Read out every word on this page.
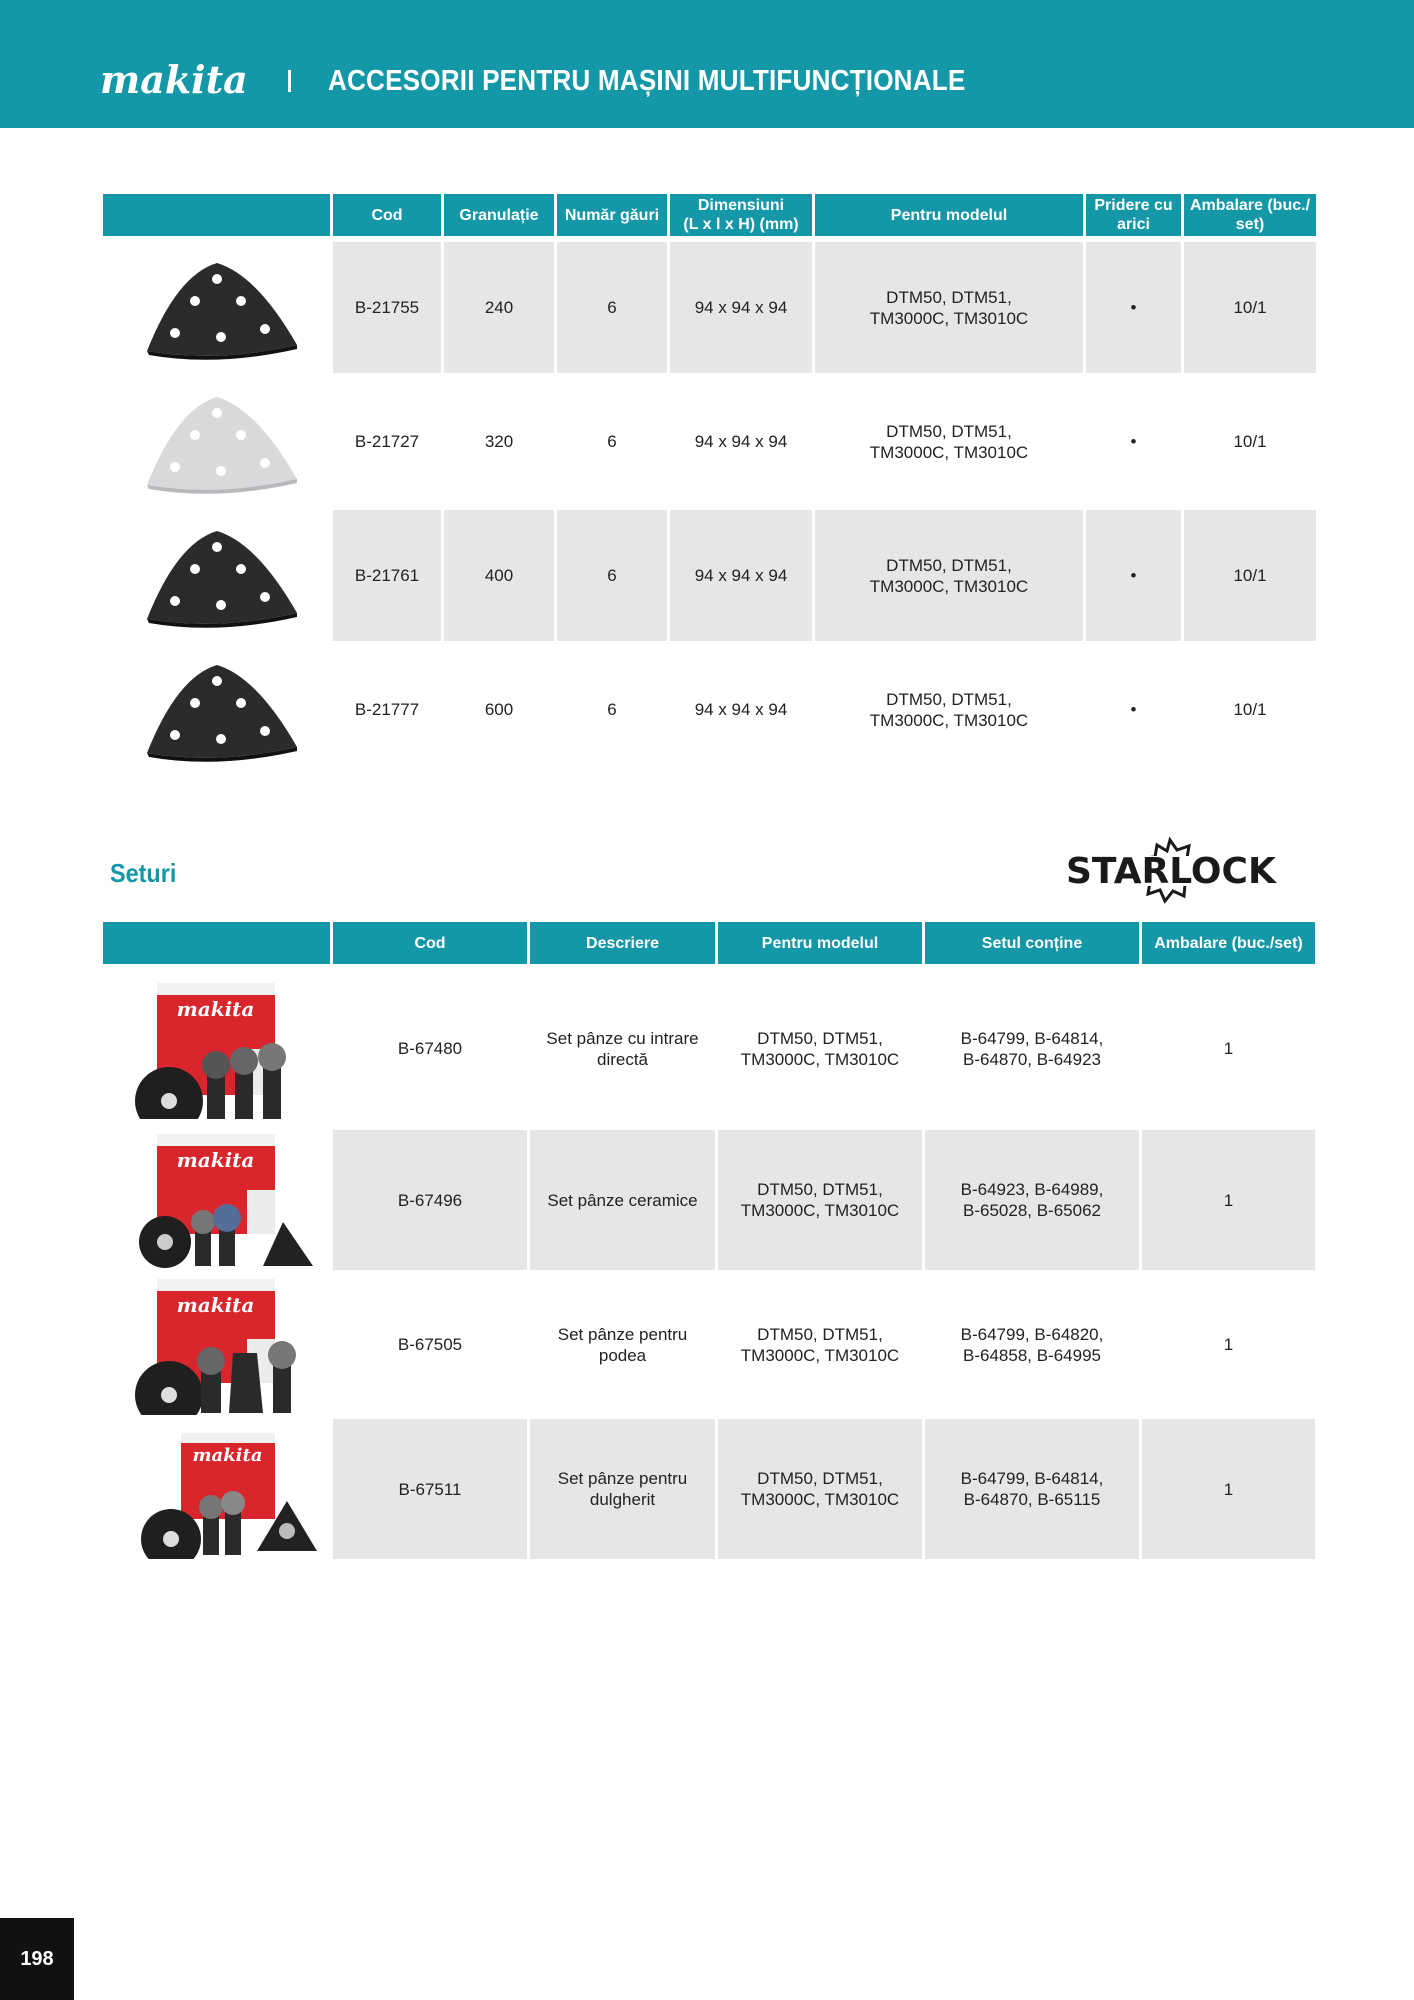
makita	ACCESORII PENTRU MAȘINI MULTIFUNCȚIONALE
	Cod	Granulație	Număr găuri	Dimensiuni
(L x l x H) (mm)	Pentru modelul	Pridere cu
arici	Ambalare (buc./
set)
	B-21755	240	6	94 x 94 x 94	DTM50, DTM51,
TM3000C, TM3010C	•	10/1
	B-21727	320	6	94 x 94 x 94	DTM50, DTM51,
TM3000C, TM3010C	•	10/1
	B-21761	400	6	94 x 94 x 94	DTM50, DTM51,
TM3000C, TM3010C	•	10/1
	B-21777	600	6	94 x 94 x 94	DTM50, DTM51,
TM3000C, TM3010C	•	10/1
Seturi	STARLOCK
	Cod	Descriere	Pentru modelul	Setul conține	Ambalare (buc./set)

makita	B-67480	Set pânze cu intrare
directă	DTM50, DTM51,
TM3000C, TM3010C	B-64799, B-64814,
B-64870, B-64923	1

makita	B-67496	Set pânze ceramice	DTM50, DTM51,
TM3000C, TM3010C	B-64923, B-64989,
B-65028, B-65062	1

makita	B-67505	Set pânze pentru
podea	DTM50, DTM51,
TM3000C, TM3010C	B-64799, B-64820,
B-64858, B-64995	1

makita	B-67511	Set pânze pentru
dulgherit	DTM50, DTM51,
TM3000C, TM3010C	B-64799, B-64814,
B-64870, B-65115	1
198
